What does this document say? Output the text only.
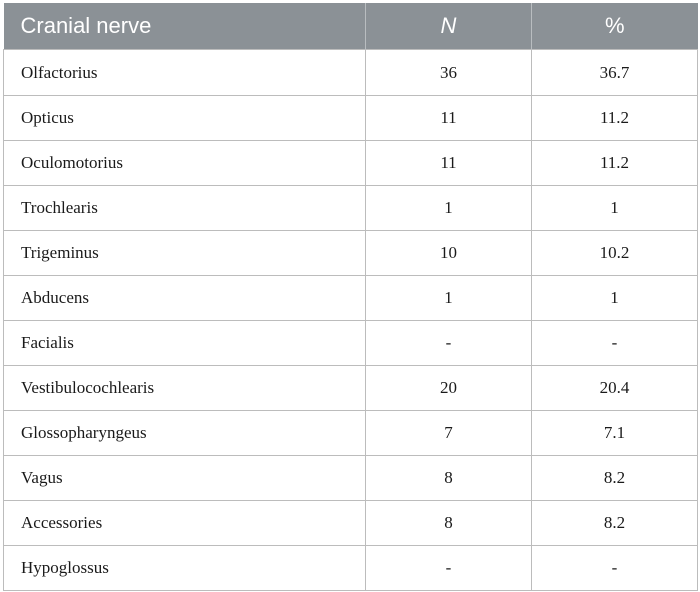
Cranial nerve	N	%
Olfactorius	36	36.7
Opticus	11	11.2
Oculomotorius	11	11.2
Trochlearis	1	1
Trigeminus	10	10.2
Abducens	1	1
Facialis	-	-
Vestibulocochlearis	20	20.4
Glossopharyngeus	7	7.1
Vagus	8	8.2
Accessories	8	8.2
Hypoglossus	-	-
